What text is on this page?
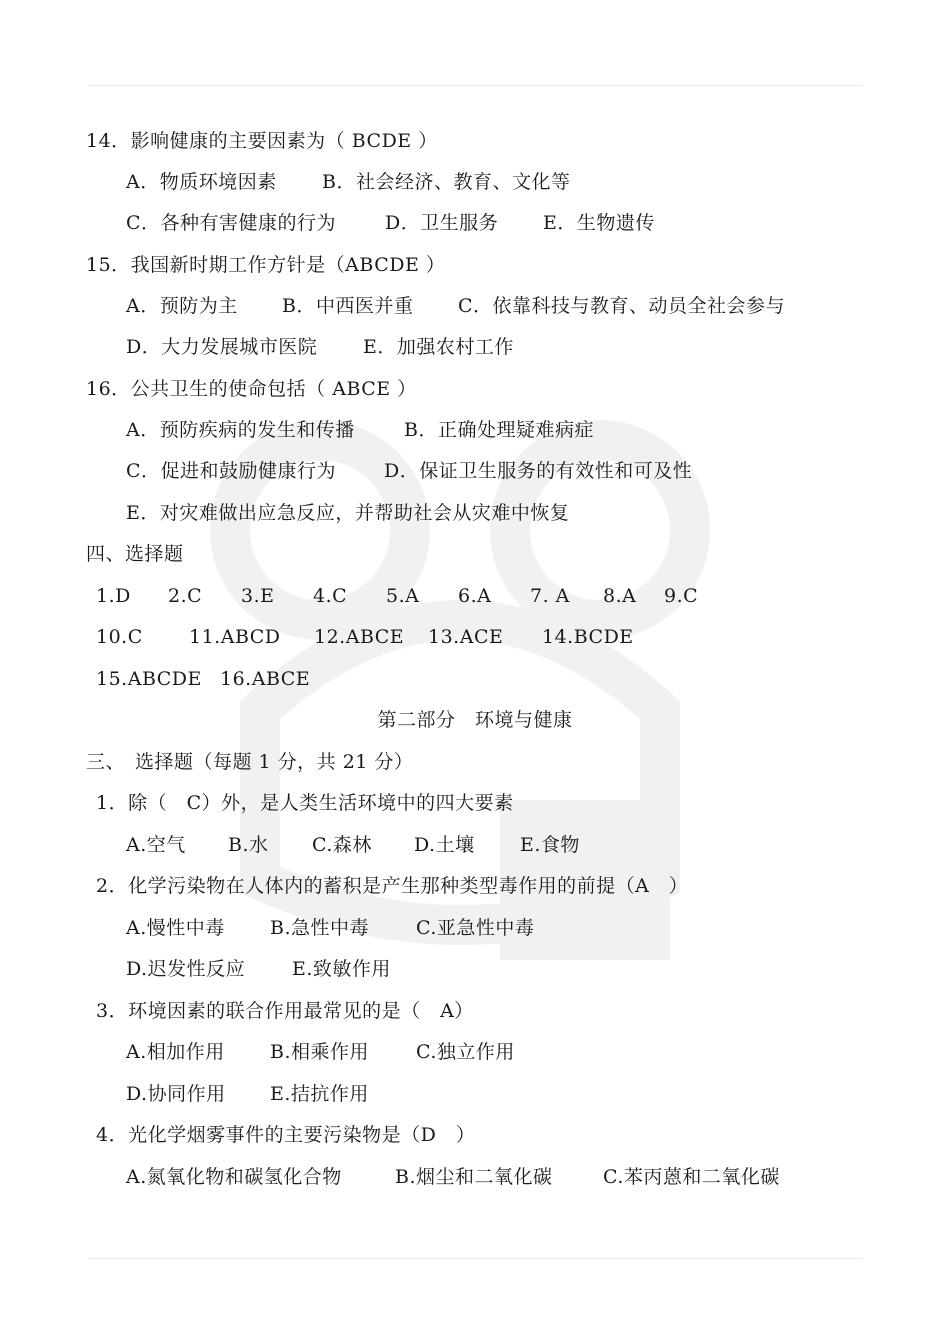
14．影响健康的主要因素为（ BCDE ）
A．物质环境因素 B．社会经济、教育、文化等
C．各种有害健康的行为	D．卫生服务 E．生物遗传
15．我国新时期工作方针是（ABCDE ）
A．预防为主 B．中西医并重 C．依靠科技与教育、动员全社会参与
D．大力发展城市医院 E．加强农村工作
16．公共卫生的使命包括（ ABCE ）
A．预防疾病的发生和传播	B．正确处理疑难病症
C．促进和鼓励健康行为	D．保证卫生服务的有效性和可及性
E．对灾难做出应急反应，并帮助社会从灾难中恢复
四、选择题
1.D 2.C 3.E 4.C 5.A 6.A 7. A 8.A 9.C
10.C 11.ABCD 12.ABCE 13.ACE 14.BCDE
15.ABCDE 16.ABCE
第二部分　环境与健康
三、　选择题（每题 1 分，共 21 分）
1．除（　C）外，是人类生活环境中的四大要素
A.空气 B.水 C.森林 D.土壤 E.食物
2．化学污染物在人体内的蓄积是产生那种类型毒作用的前提（A　）
A.慢性中毒 B.急性中毒 C.亚急性中毒
D.迟发性反应 E.致敏作用
3．环境因素的联合作用最常见的是（　A）
A.相加作用 B.相乘作用 C.独立作用
D.协同作用 E.拮抗作用
4．光化学烟雾事件的主要污染物是（D　）
A.氮氧化物和碳氢化合物	B.烟尘和二氧化碳	C.苯丙蒽和二氧化碳
